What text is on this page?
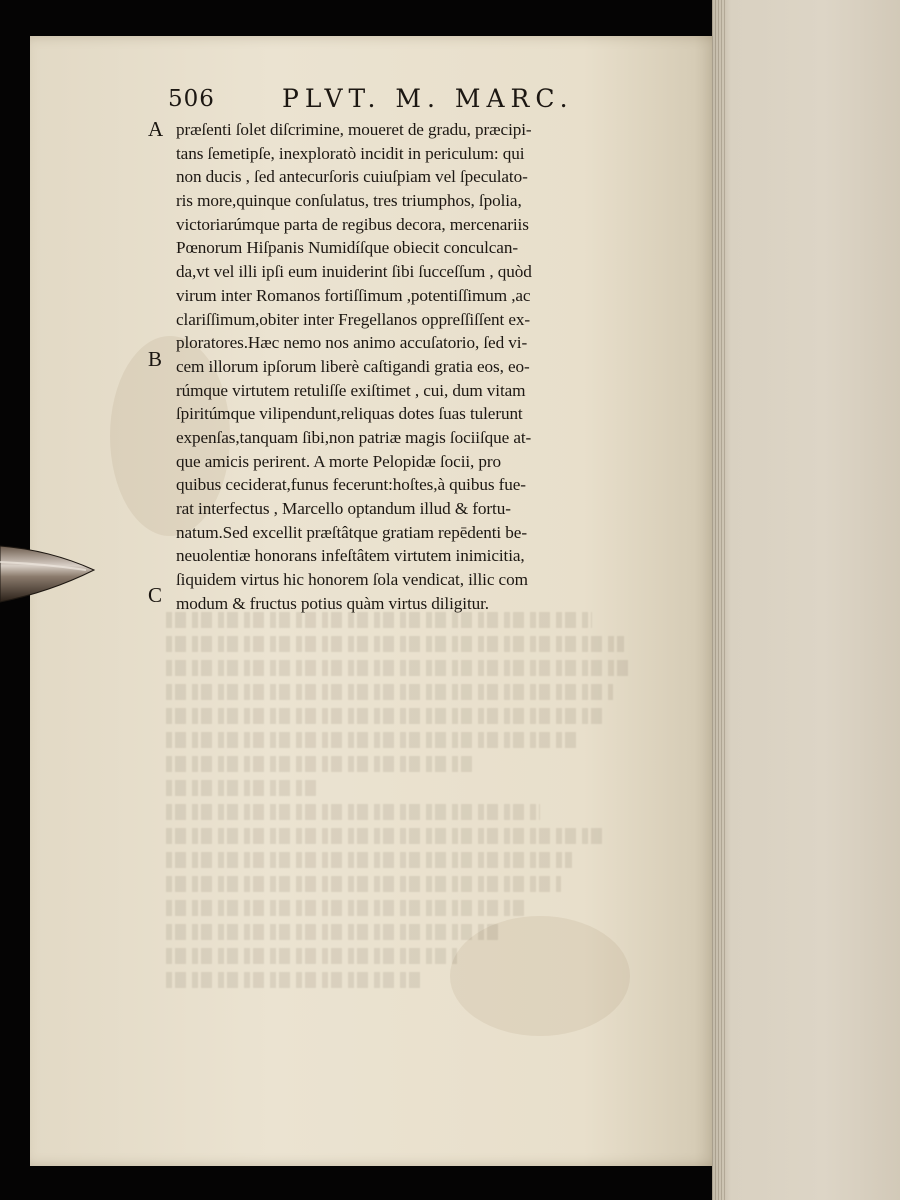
506	PLVT. M. MARC.
A
B
C
præſenti ſolet diſcrimine, moueret de gradu, præcipi-
tans ſemetipſe, inexploratò incidit in periculum: qui
non ducis , ſed antecurſoris cuiuſpiam vel ſpeculato-
ris more,quinque conſulatus, tres triumphos, ſpolia,
victoriarúmque parta de regibus decora, mercenariis
Pœnorum Hiſpanis Numidíſque obiecit conculcan-
da,vt vel illi ipſi eum inuiderint ſibi ſucceſſum , quòd
virum inter Romanos fortiſſimum ,potentiſſimum ,ac
clariſſimum,obiter inter Fregellanos oppreſſiſſent ex-
ploratores.Hæc nemo nos animo accuſatorio, ſed vi-
cem illorum ipſorum liberè caſtigandi gratia eos, eo-
rúmque virtutem retuliſſe exiſtimet , cui, dum vitam
ſpiritúmque vilipendunt,reliquas dotes ſuas tulerunt
expenſas,tanquam ſibi,non patriæ magis ſociiſque at-
que amicis perirent. A morte Pelopidæ ſocii, pro
quibus ceciderat,funus fecerunt:hoſtes,à quibus fue-
rat interfectus , Marcello optandum illud & fortu-
natum.Sed excellit præſtâtque gratiam repēdenti be-
neuolentiæ honorans infeſtâtem virtutem inimicitia,
ſiquidem virtus hic honorem ſola vendicat, illic com
modum & fructus potius quàm virtus diligitur.
